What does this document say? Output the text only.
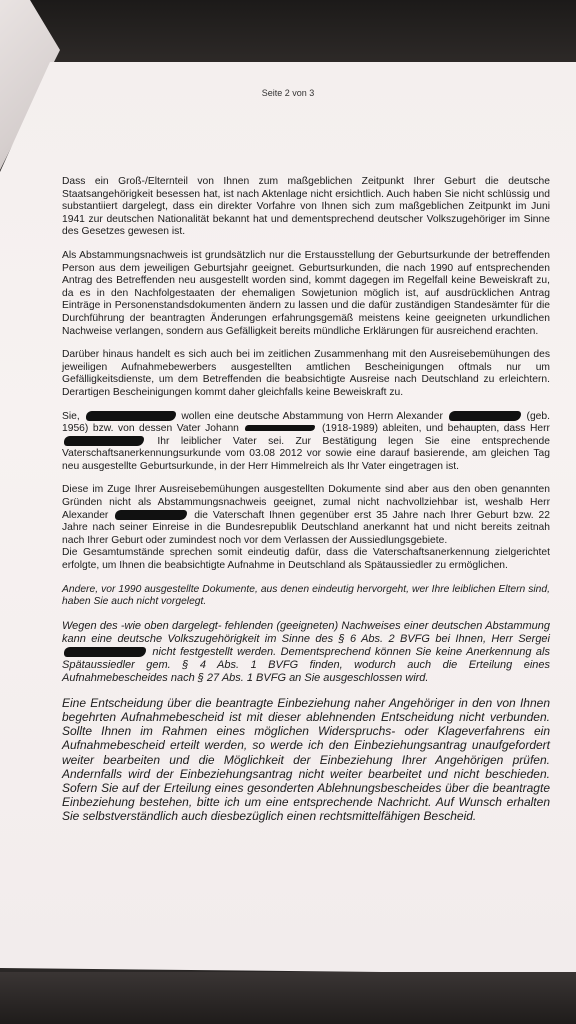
Seite 2 von 3

Dass ein Groß-/Elternteil von Ihnen zum maßgeblichen Zeitpunkt Ihrer Geburt die deutsche Staatsangehörigkeit besessen hat, ist nach Aktenlage nicht ersichtlich. Auch haben Sie nicht schlüssig und substantiiert dargelegt, dass ein direkter Vorfahre von Ihnen sich zum maßgeblichen Zeitpunkt im Juni 1941 zur deutschen Nationalität bekannt hat und dementsprechend deutscher Volkszugehöriger im Sinne des Gesetzes gewesen ist.

Als Abstammungsnachweis ist grundsätzlich nur die Erstausstellung der Geburtsurkunde der betreffenden Person aus dem jeweiligen Geburtsjahr geeignet. Geburtsurkunden, die nach 1990 auf entsprechenden Antrag des Betreffenden neu ausgestellt worden sind, kommt dagegen im Regelfall keine Beweiskraft zu, da es in den Nachfolgestaaten der ehemaligen Sowjetunion möglich ist, auf ausdrücklichen Antrag Einträge in Personenstandsdokumenten ändern zu lassen und die dafür zuständigen Standesämter für die Durchführung der beantragten Änderungen erfahrungsgemäß meistens keine geeigneten urkundlichen Nachweise verlangen, sondern aus Gefälligkeit bereits mündliche Erklärungen für ausreichend erachten.

Darüber hinaus handelt es sich auch bei im zeitlichen Zusammenhang mit den Ausreisebemühungen des jeweiligen Aufnahmebewerbers ausgestellten amtlichen Bescheinigungen oftmals nur um Gefälligkeitsdienste, um dem Betreffenden die beabsichtigte Ausreise nach Deutschland zu erleichtern. Derartigen Bescheinigungen kommt daher gleichfalls keine Beweiskraft zu.

Sie,	wollen eine deutsche Abstammung von Herrn Alexander	(geb. 1956) bzw. von dessen Vater Johann	(1918-1989) ableiten, und behaupten, dass Herr  Ihr leiblicher Vater sei. Zur Bestätigung legen Sie eine entsprechende Vaterschaftsanerkennungsurkunde vom 03.08 2012 vor sowie eine darauf basierende, am gleichen Tag neu ausgestellte Geburtsurkunde, in der Herr Himmelreich als Ihr Vater eingetragen ist.

Diese im Zuge Ihrer Ausreisebemühungen ausgestellten Dokumente sind aber aus den oben genannten Gründen nicht als Abstammungsnachweis geeignet, zumal nicht nachvollziehbar ist, weshalb Herr Alexander	die Vaterschaft Ihnen gegenüber erst 35 Jahre nach Ihrer Geburt bzw. 22 Jahre nach seiner Einreise in die Bundesrepublik Deutschland anerkannt hat und nicht bereits zeitnah nach Ihrer Geburt oder zumindest noch vor dem Verlassen der Aussiedlungsgebiete.
Die Gesamtumstände sprechen somit eindeutig dafür, dass die Vaterschaftsanerkennung zielgerichtet erfolgte, um Ihnen die beabsichtigte Aufnahme in Deutschland als Spätaussiedler zu ermöglichen.

Andere, vor 1990 ausgestellte Dokumente, aus denen eindeutig hervorgeht, wer Ihre leiblichen Eltern sind, haben Sie auch nicht vorgelegt.

Wegen des -wie oben dargelegt- fehlenden (geeigneten) Nachweises einer deutschen Abstammung kann eine deutsche Volkszugehörigkeit im Sinne des § 6 Abs. 2 BVFG bei Ihnen, Herr Sergei  nicht festgestellt werden. Dementsprechend können Sie keine Anerkennung als Spätaussiedler gem. § 4 Abs. 1 BVFG finden, wodurch auch die Erteilung eines Aufnahmebescheides nach § 27 Abs. 1 BVFG an Sie ausgeschlossen wird.

Eine Entscheidung über die beantragte Einbeziehung naher Angehöriger in den von Ihnen begehrten Aufnahmebescheid ist mit dieser ablehnenden Entscheidung nicht verbunden. Sollte Ihnen im Rahmen eines möglichen Widerspruchs- oder Klageverfahrens ein Aufnahmebescheid erteilt werden, so werde ich den Einbeziehungsantrag unaufgefordert weiter bearbeiten und die Möglichkeit der Einbeziehung Ihrer Angehörigen prüfen. Andernfalls wird der Einbeziehungsantrag nicht weiter bearbeitet und nicht beschieden. Sofern Sie auf der Erteilung eines gesonderten Ablehnungsbescheides über die beantragte Einbeziehung bestehen, bitte ich um eine entsprechende Nachricht. Auf Wunsch erhalten Sie selbstverständlich auch diesbezüglich einen rechtsmittelfähigen Bescheid.
